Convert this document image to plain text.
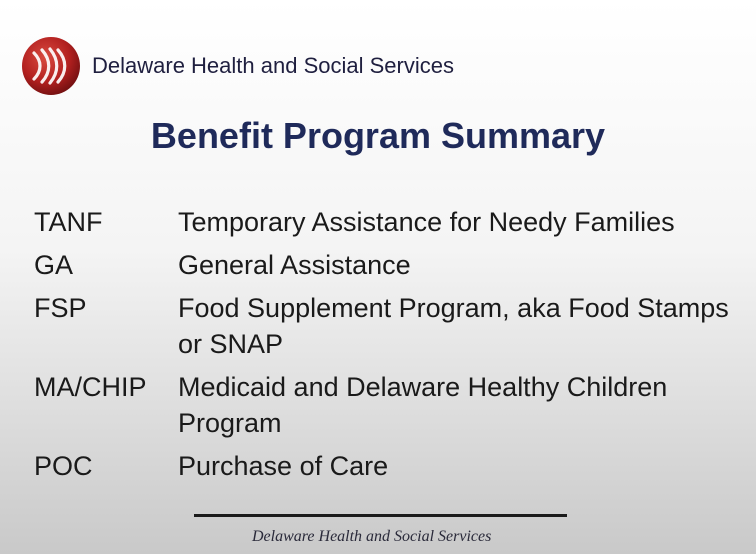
Delaware Health and Social Services
Benefit Program Summary
TANF	Temporary Assistance for Needy Families
GA	General Assistance
FSP	Food Supplement Program, aka Food Stamps or SNAP
MA/CHIP	Medicaid and Delaware Healthy Children Program
POC	Purchase of Care
Delaware Health and Social Services
